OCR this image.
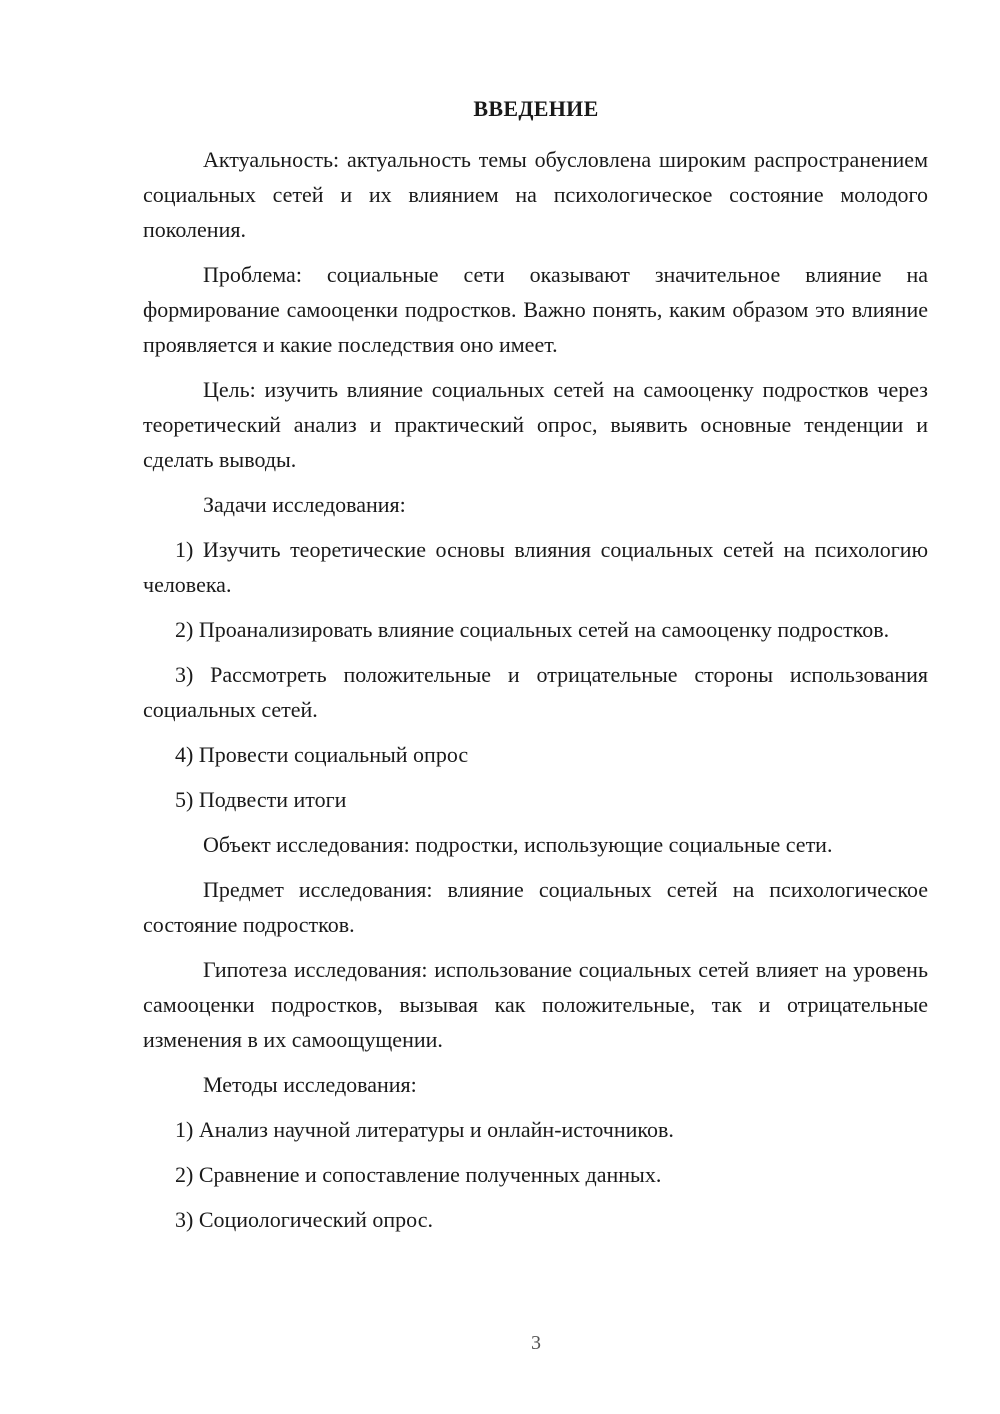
ВВЕДЕНИЕ

Актуальность: актуальность темы обусловлена широким распространением социальных сетей и их влиянием на психологическое состояние молодого поколения.

Проблема: социальные сети оказывают значительное влияние на формирование самооценки подростков. Важно понять, каким образом это влияние проявляется и какие последствия оно имеет.

Цель: изучить влияние социальных сетей на самооценку подростков через теоретический анализ и практический опрос, выявить основные тенденции и сделать выводы.

Задачи исследования:

1) Изучить теоретические основы влияния социальных сетей на психологию человека.

2) Проанализировать влияние социальных сетей на самооценку подростков.

3) Рассмотреть положительные и отрицательные стороны использования социальных сетей.

4) Провести социальный опрос

5) Подвести итоги

Объект исследования: подростки, использующие социальные сети.

Предмет исследования: влияние социальных сетей на психологическое состояние подростков.

Гипотеза исследования: использование социальных сетей влияет на уровень самооценки подростков, вызывая как положительные, так и отрицательные изменения в их самоощущении.

Методы исследования:

1) Анализ научной литературы и онлайн-источников.

2) Сравнение и сопоставление полученных данных.

3) Социологический опрос.

3
